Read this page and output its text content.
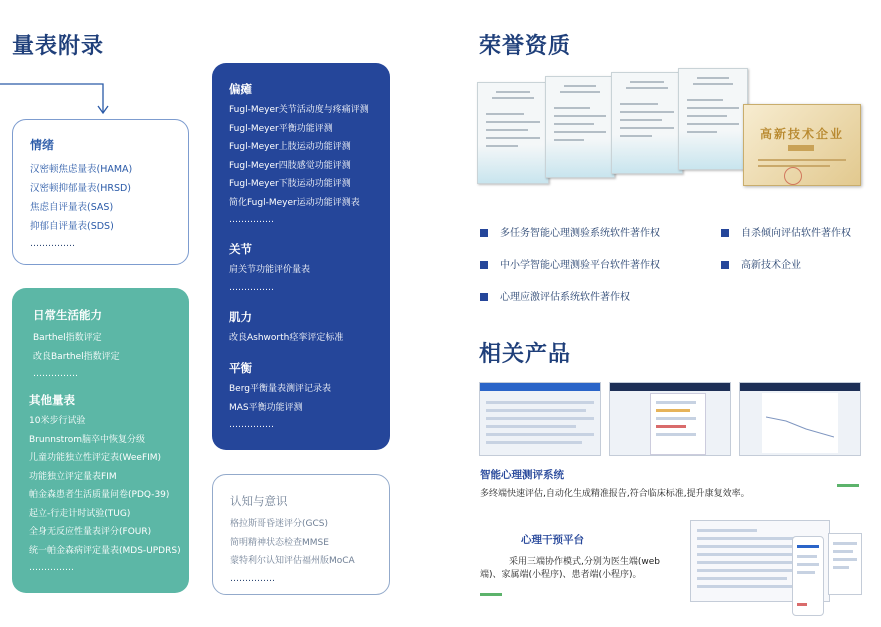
量表附录
情绪
汉密顿焦虑量表(HAMA)
汉密顿抑郁量表(HRSD)
焦虑自评量表(SAS)
抑郁自评量表(SDS)
……………
日常生活能力
Barthel指数评定
改良Barthel指数评定
……………
其他量表
10米步行试验
Brunnstrom脑卒中恢复分级
儿童功能独立性评定表(WeeFIM)
功能独立评定量表FIM
帕金森患者生活质量问卷(PDQ-39)
起立-行走计时试验(TUG)
全身无反应性量表评分(FOUR)
统一帕金森病评定量表(MDS-UPDRS)
……………
偏瘫
Fugl-Meyer关节活动度与疼痛评测
Fugl-Meyer平衡功能评测
Fugl-Meyer上肢运动功能评测
Fugl-Meyer四肢感觉功能评测
Fugl-Meyer下肢运动功能评测
简化Fugl-Meyer运动功能评测表
……………
关节
肩关节功能评价量表
……………
肌力
改良Ashworth痉挛评定标准
平衡
Berg平衡量表测评记录表
MAS平衡功能评测
……………
认知与意识
格拉斯哥昏迷评分(GCS)
简明精神状态检查MMSE
蒙特利尔认知评估福州版MoCA
……………
荣誉资质
高新技术企业
多任务智能心理测验系统软件著作权	自杀倾向评估软件著作权
中小学智能心理测验平台软件著作权	高新技术企业
心理应激评估系统软件著作权
相关产品
智能心理测评系统
多终端快速评估,自动化生成精准报告,符合临床标准,提升康复效率。
心理干预平台
采用三端协作模式,分别为医生端(web
端)、家属端(小程序)、患者端(小程序)。
